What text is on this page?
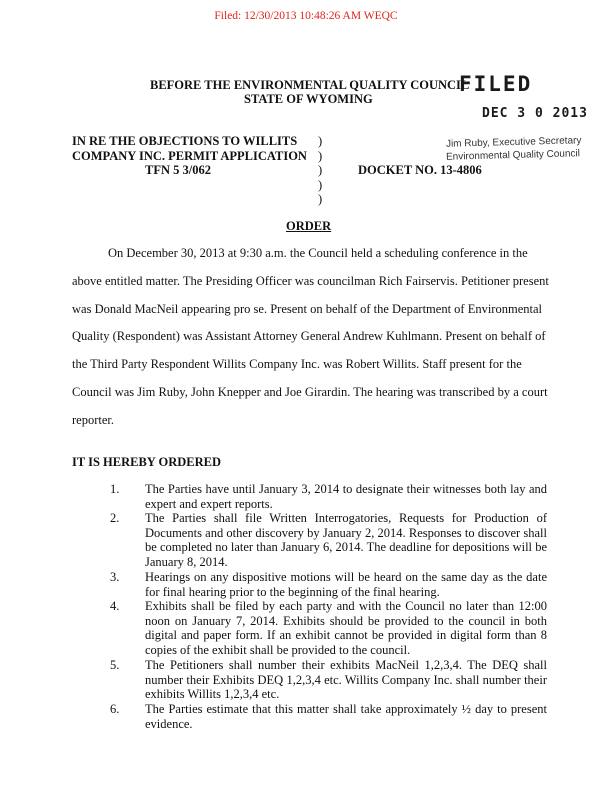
Filed: 12/30/2013 10:48:26 AM WEQC
BEFORE THE ENVIRONMENTAL QUALITY COUNCIL
STATE OF WYOMING
FILED
DEC 3 0 2013
Jim Ruby, Executive Secretary
Environmental Quality Council
IN RE THE OBJECTIONS TO WILLITS
COMPANY INC. PERMIT APPLICATION
TFN 5 3/062
)
)
)
)
)
DOCKET NO. 13-4806
ORDER
On December 30, 2013 at 9:30 a.m. the Council held a scheduling conference in the
above entitled matter. The Presiding Officer was councilman Rich Fairservis. Petitioner present
was Donald MacNeil appearing pro se. Present on behalf of the Department of Environmental
Quality (Respondent) was Assistant Attorney General Andrew Kuhlmann. Present on behalf of
the Third Party Respondent Willits Company Inc. was Robert Willits. Staff present for the
Council was Jim Ruby, John Knepper and Joe Girardin. The hearing was transcribed by a court
reporter.
IT IS HEREBY ORDERED
1. The Parties have until January 3, 2014 to designate their witnesses both lay and expert and expert reports.
2. The Parties shall file Written Interrogatories, Requests for Production of Documents and other discovery by January 2, 2014. Responses to discover shall be completed no later than January 6, 2014. The deadline for depositions will be January 8, 2014.
3. Hearings on any dispositive motions will be heard on the same day as the date for final hearing prior to the beginning of the final hearing.
4. Exhibits shall be filed by each party and with the Council no later than 12:00 noon on January 7, 2014. Exhibits should be provided to the council in both digital and paper form. If an exhibit cannot be provided in digital form than 8 copies of the exhibit shall be provided to the council.
5. The Petitioners shall number their exhibits MacNeil 1,2,3,4. The DEQ shall number their Exhibits DEQ 1,2,3,4 etc. Willits Company Inc. shall number their exhibits Willits 1,2,3,4 etc.
6. The Parties estimate that this matter shall take approximately ½ day to present evidence.
